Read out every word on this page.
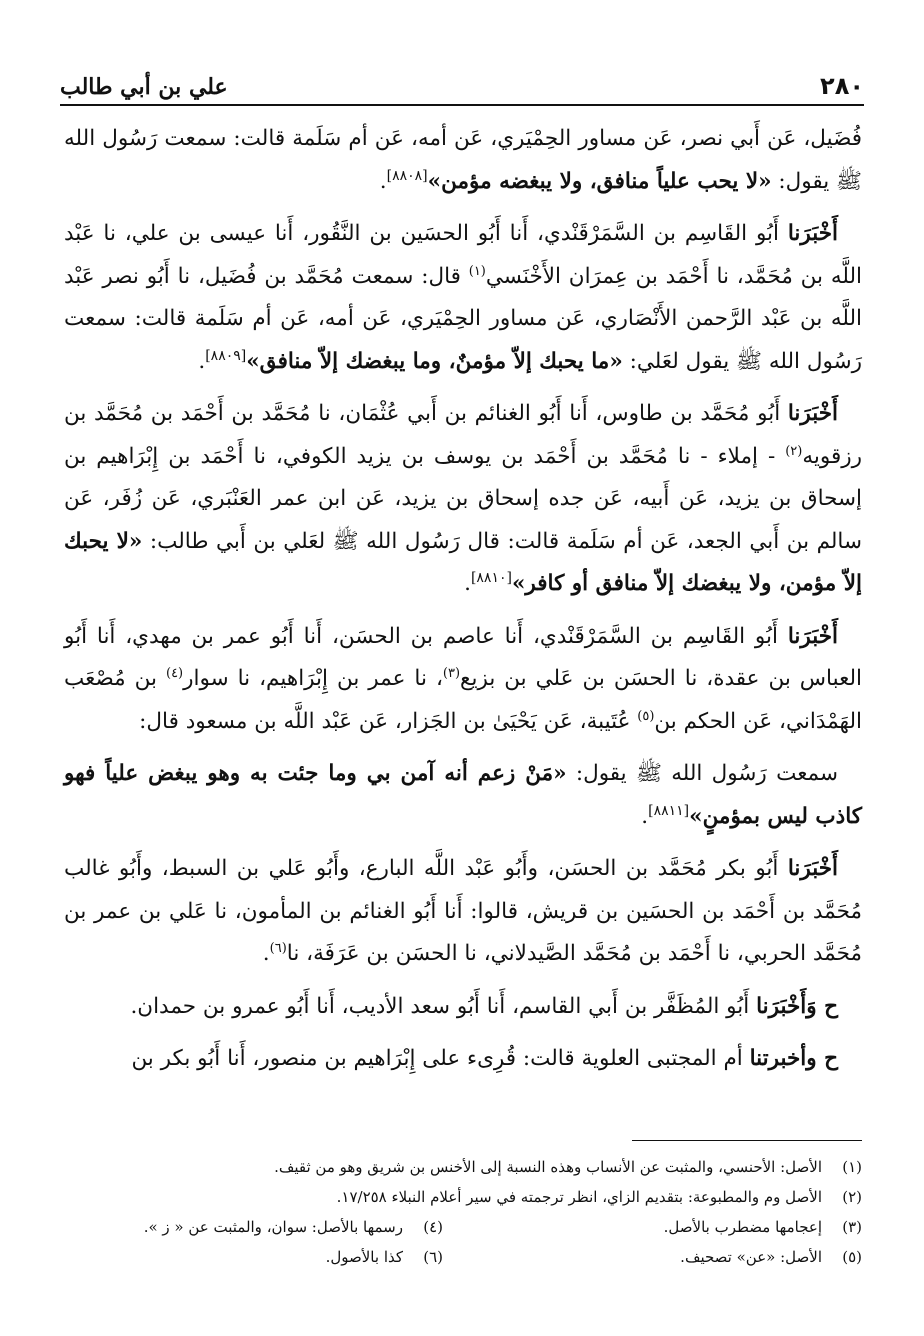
٢٨٠
علي بن أبي طالب

فُضَيل، عَن أَبي نصر، عَن مساور الحِمْيَري، عَن أمه، عَن أم سَلَمة قالت: سمعت رَسُول الله ﷺ يقول: «لا يحب علياً منافق، ولا يبغضه مؤمن»[٨٨٠٨].

أَخْبَرَنا أَبُو القَاسِم بن السَّمَرْقَنْدي، أَنا أَبُو الحسَين بن النَّقُور، أَنا عيسى بن علي، نا عَبْد اللَّه بن مُحَمَّد، نا أَحْمَد بن عِمرَان الأَخْنَسي$^{(١)}$ قال: سمعت مُحَمَّد بن فُضَيل، نا أَبُو نصر عَبْد اللَّه بن عَبْد الرَّحمن الأَنْصَاري، عَن مساور الحِمْيَري، عَن أمه، عَن أم سَلَمة قالت: سمعت رَسُول الله ﷺ يقول لعَلي: «ما يحبك إلاّ مؤمنٌ، وما يبغضك إلاّ منافق»[٨٨٠٩].

أَخْبَرَنا أَبُو مُحَمَّد بن طاوس، أَنا أَبُو الغنائم بن أَبي عُثْمَان، نا مُحَمَّد بن أَحْمَد بن مُحَمَّد بن رزقويه$^{(٢)}$ - إملاء - نا مُحَمَّد بن أَحْمَد بن يوسف بن يزيد الكوفي، نا أَحْمَد بن إِبْرَاهيم بن إسحاق بن يزيد، عَن أَبيه، عَن جده إسحاق بن يزيد، عَن ابن عمر العَنْبَري، عَن زُفَر، عَن سالم بن أَبي الجعد، عَن أم سَلَمة قالت: قال رَسُول الله ﷺ لعَلي بن أَبي طالب: «لا يحبك إلاّ مؤمن، ولا يبغضك إلاّ منافق أو كافر»[٨٨١٠].

أَخْبَرَنا أَبُو القَاسِم بن السَّمَرْقَنْدي، أَنا عاصم بن الحسَن، أَنا أَبُو عمر بن مهدي، أَنا أَبُو العباس بن عقدة، نا الحسَن بن عَلي بن بزيع$^{(٣)}$، نا عمر بن إِبْرَاهيم، نا سوار$^{(٤)}$ بن مُصْعَب الهَمْدَاني، عَن الحكم بن$^{(٥)}$ عُتَيبة، عَن يَحْيَىٰ بن الجَزار، عَن عَبْد اللَّه بن مسعود قال:

سمعت رَسُول الله ﷺ يقول: «مَنْ زعم أنه آمن بي وما جئت به وهو يبغض علياً فهو كاذب ليس بمؤمنٍ»[٨٨١١].

أَخْبَرَنا أَبُو بكر مُحَمَّد بن الحسَن، وأَبُو عَبْد اللَّه البارع، وأَبُو عَلي بن السبط، وأَبُو غالب مُحَمَّد بن أَحْمَد بن الحسَين بن قريش، قالوا: أَنا أَبُو الغنائم بن المأمون، نا عَلي بن عمر بن مُحَمَّد الحربي، نا أَحْمَد بن مُحَمَّد الصَّيدلاني، نا الحسَن بن عَرَفَة، نا$^{(٦)}$.

ح وَأَخْبَرَنا أَبُو المُظَفَّر بن أَبي القاسم، أَنا أَبُو سعد الأديب، أَنا أَبُو عمرو بن حمدان.

ح وأخبرتنا أم المجتبى العلوية قالت: قُرِىء على إِبْرَاهيم بن منصور، أَنا أَبُو بكر بن

(١)
الأصل: الأحنسي، والمثبت عن الأنساب وهذه النسبة إلى الأخنس بن شريق وهو من ثقيف.
(٢)
الأصل وم والمطبوعة: بتقديم الزاي، انظر ترجمته في سير أعلام النبلاء ١٧/٢٥٨.
(٣)
إعجامها مضطرب بالأصل.
(٤)
رسمها بالأصل: سوان، والمثبت عن « ز ».
(٥)
الأصل: «عن» تصحيف.
(٦)
كذا بالأصول.
